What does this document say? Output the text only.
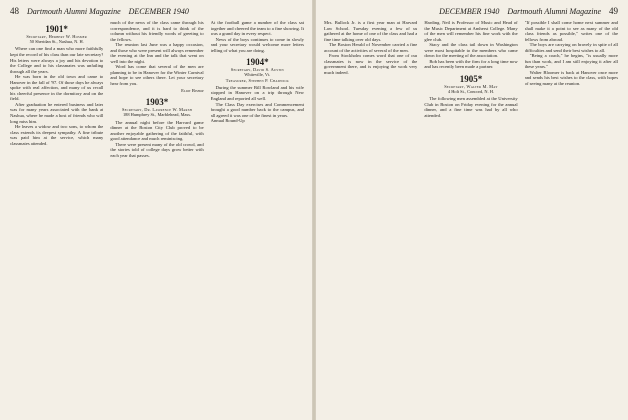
48 Dartmouth Alumni Magazine DECEMBER 1940
1901*
Secretary, Herbert W. Hosmer
50 Sheridan St., Nashua, N. H.

Where can one find a man who more faithfully kept the record of his class than our late secretary? His letters were always a joy and his devotion to the College and to his classmates was unfailing through all the years.

He was born in the old town and came to Hanover in the fall of '97. Of those days he always spoke with real affection, and many of us recall his cheerful presence in the dormitory and on the field.

After graduation he entered business and later was for many years associated with the bank at Nashua, where he made a host of friends who will long miss him.

He leaves a widow and two sons, to whom the class extends its deepest sympathy. A fine tribute was paid him at the service, which many classmates attended.

much of the news of the class came through his correspondence, and it is hard to think of the column without his friendly words of greeting to the fellows.

The reunion last June was a happy occasion, and those who were present will always remember the evening at the Inn and the talk that went on well into the night.

Word has come that several of the men are planning to be in Hanover for the Winter Carnival and hope to see others there. Let your secretary hear from you.

Eliot Bishop
1903*
Secretary, Dr. Lawrence W. Marsh
188 Humphrey St., Marblehead, Mass.

The annual night before the Harvard game dinner at the Boston City Club proved to be another enjoyable gathering of the faithful, with good attendance and much reminiscing.

There were present many of the old crowd, and the stories told of college days grow better with each year that passes.

At the football game a number of the class sat together and cheered the team to a fine showing. It was a grand day in every respect.

News of the boys continues to come in slowly and your secretary would welcome more letters telling of what you are doing.

1904*
Secretary, David S. Austin
Whiteville, Vt.
Treasurer, Stephen P. Chadwick

During the summer Bill Rowland and his wife stopped in Hanover on a trip through New England and reported all well.

The Class Day exercises and Commencement brought a good number back to the campus, and all agreed it was one of the finest in years.

Annual Round-Up

DECEMBER 1940 Dartmouth Alumni Magazine 49

Mrs. Bullock Jr. is a first year man at Harvard Law School. Tuesday evening a few of us gathered at the home of one of the class and had a fine time talking over old days.

The Boston Herald of November carried a fine account of the activities of several of the men.

From Stockholm comes word that one of our classmates is now in the service of the government there, and is enjoying the work very much indeed.

Harding. Neil is Professor of Music and Head of the Music Department at Amherst College. Many of the men will remember his fine work with the glee club.

Stacy and the class tail down in Washington were most hospitable to the members who came down for the meeting of the association.

Bob has been with the firm for a long time now and has recently been made a partner.

1905*
Secretary, Walter M. May
4 Holt St., Concord, N. H.

The following men assembled at the University Club in Boston on Friday evening for the annual dinner, and a fine time was had by all who attended.

"If possible I shall come home next summer and shall make it a point to see as many of the old class friends as possible," writes one of the fellows from abroad.

The boys are carrying on bravely in spite of all difficulties and send their best wishes to all.

"Being a coach," he begins, "is usually more fun than work, and I am still enjoying it after all these years."

Walter Bloomer is back at Hanover once more and sends his best wishes to the class, with hopes of seeing many at the reunion.
